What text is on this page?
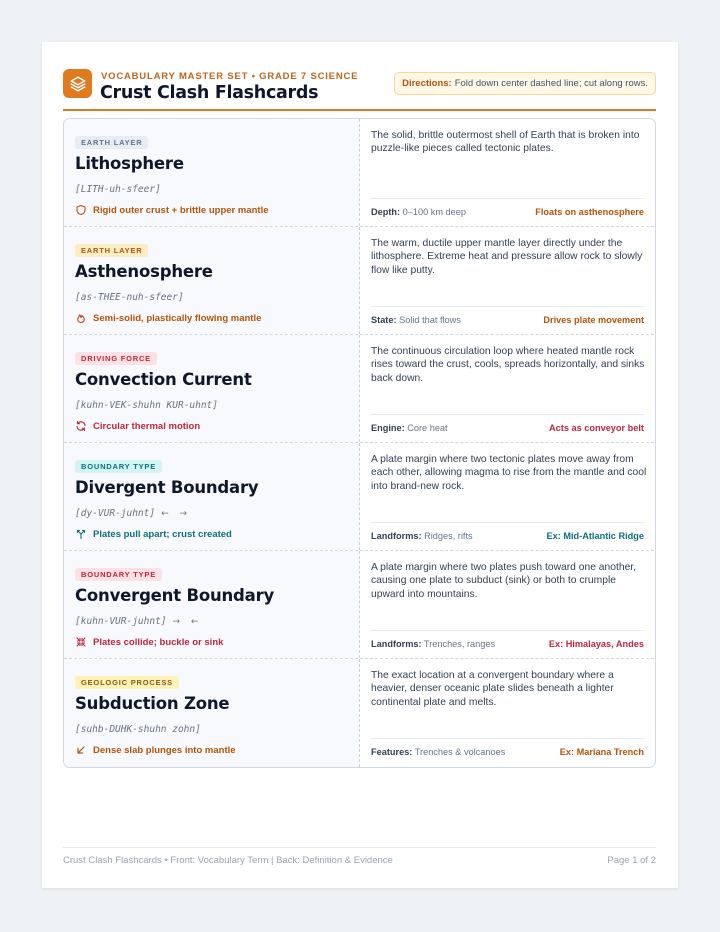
VOCABULARY MASTER SET • GRADE 7 SCIENCE
Crust Clash Flashcards	Directions: Fold down center dashed line; cut along rows.
EARTH LAYER
Lithosphere
[LITH-uh-sfeer]
Rigid outer crust + brittle upper mantle
The solid, brittle outermost shell of Earth that is broken into puzzle-like pieces called tectonic plates.
Depth: 0–100 km deep	Floats on asthenosphere
EARTH LAYER
Asthenosphere
[as-THEE-nuh-sfeer]
Semi-solid, plastically flowing mantle
The warm, ductile upper mantle layer directly under the lithosphere. Extreme heat and pressure allow rock to slowly flow like putty.
State: Solid that flows	Drives plate movement
DRIVING FORCE
Convection Current
[kuhn-VEK-shuhn KUR-uhnt]
Circular thermal motion
The continuous circulation loop where heated mantle rock rises toward the crust, cools, spreads horizontally, and sinks back down.
Engine: Core heat	Acts as conveyor belt
BOUNDARY TYPE
Divergent Boundary
[dy-VUR-juhnt] ← →
Plates pull apart; crust created
A plate margin where two tectonic plates move away from each other, allowing magma to rise from the mantle and cool into brand-new rock.
Landforms: Ridges, rifts	Ex: Mid-Atlantic Ridge
BOUNDARY TYPE
Convergent Boundary
[kuhn-VUR-juhnt] → ←
Plates collide; buckle or sink
A plate margin where two plates push toward one another, causing one plate to subduct (sink) or both to crumple upward into mountains.
Landforms: Trenches, ranges	Ex: Himalayas, Andes
GEOLOGIC PROCESS
Subduction Zone
[suhb-DUHK-shuhn zohn]
Dense slab plunges into mantle
The exact location at a convergent boundary where a heavier, denser oceanic plate slides beneath a lighter continental plate and melts.
Features: Trenches & volcanoes	Ex: Mariana Trench
Crust Clash Flashcards • Front: Vocabulary Term | Back: Definition & Evidence	Page 1 of 2
